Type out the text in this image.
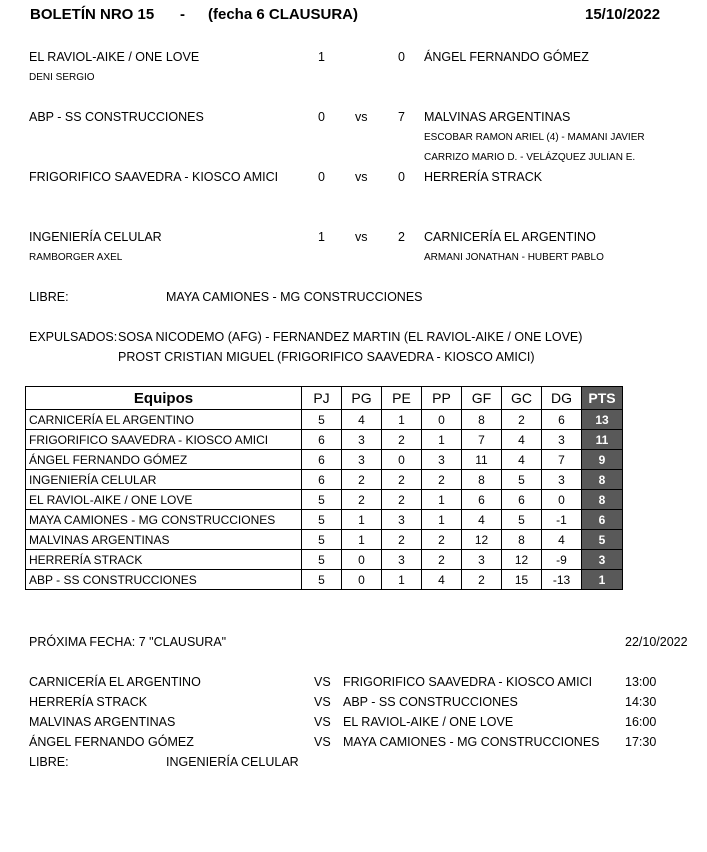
BOLETÍN NRO 15 - (fecha 6 CLAUSURA)	15/10/2022
EL RAVIOL-AIKE / ONE LOVE	1	0 ÁNGEL FERNANDO GÓMEZ
DENI SERGIO
ABP - SS CONSTRUCCIONES	0 vs 7 MALVINAS ARGENTINAS
ESCOBAR RAMON ARIEL (4) - MAMANI JAVIER
CARRIZO MARIO D. - VELÁZQUEZ JULIAN E.
FRIGORIFICO SAAVEDRA - KIOSCO AMICI	0 vs 0 HERRERÍA STRACK
INGENIERÍA CELULAR	1 vs 2 CARNICERÍA EL ARGENTINO
RAMBORGER AXEL	ARMANI JONATHAN - HUBERT PABLO
LIBRE:	MAYA CAMIONES - MG CONSTRUCCIONES
EXPULSADOS: SOSA NICODEMO (AFG) - FERNANDEZ MARTIN (EL RAVIOL-AIKE / ONE LOVE)
PROST CRISTIAN MIGUEL (FRIGORIFICO SAAVEDRA - KIOSCO AMICI)
Equipos	PJ	PG	PE	PP	GF	GC	DG	PTS
CARNICERÍA EL ARGENTINO	5	4	1	0	8	2	6	13
FRIGORIFICO SAAVEDRA - KIOSCO AMICI	6	3	2	1	7	4	3	11
ÁNGEL FERNANDO GÓMEZ	6	3	0	3	11	4	7	9
INGENIERÍA CELULAR	6	2	2	2	8	5	3	8
EL RAVIOL-AIKE / ONE LOVE	5	2	2	1	6	6	0	8
MAYA CAMIONES - MG CONSTRUCCIONES	5	1	3	1	4	5	-1	6
MALVINAS ARGENTINAS	5	1	2	2	12	8	4	5
HERRERÍA STRACK	5	0	3	2	3	12	-9	3
ABP - SS CONSTRUCCIONES	5	0	1	4	2	15	-13	1
PRÓXIMA FECHA: 7 "CLAUSURA"	22/10/2022
CARNICERÍA EL ARGENTINO	VS FRIGORIFICO SAAVEDRA - KIOSCO AMICI	13:00
HERRERÍA STRACK	VS ABP - SS CONSTRUCCIONES	14:30
MALVINAS ARGENTINAS	VS EL RAVIOL-AIKE / ONE LOVE	16:00
ÁNGEL FERNANDO GÓMEZ	VS MAYA CAMIONES - MG CONSTRUCCIONES 17:30
LIBRE:	INGENIERÍA CELULAR
